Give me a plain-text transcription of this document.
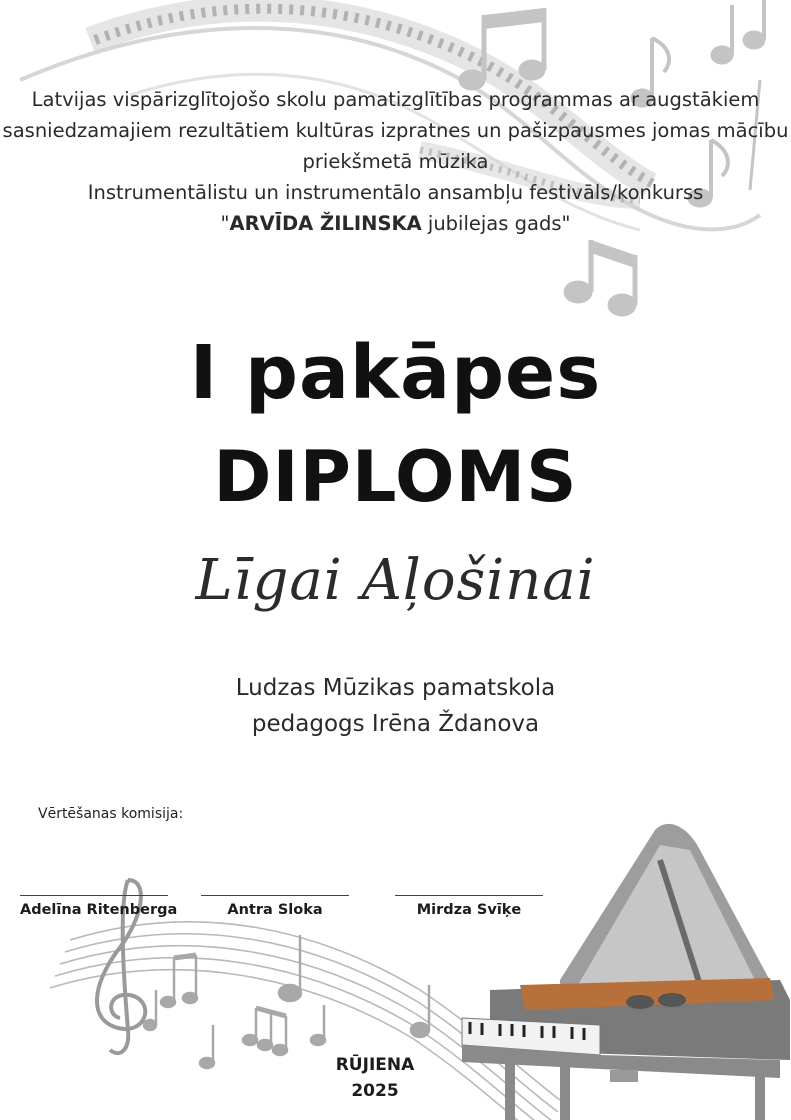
Latvijas vispārizglītojošo skolu pamatizglītības programmas ar augstākiem
sasniedzamajiem rezultātiem kultūras izpratnes un pašizpausmes jomas mācību
priekšmetā mūzika
Instrumentālistu un instrumentālo ansambļu festivāls/konkurss
"ARVĪDA ŽILINSKA jubilejas gads"
I pakāpes
DIPLOMS
Līgai Aļošinai
Ludzas Mūzikas pamatskola
pedagogs Irēna Ždanova
Vērtēšanas komisija:
Adelīna Ritenberga	Antra Sloka	Mirdza Svīķe
RŪJIENA
2025
